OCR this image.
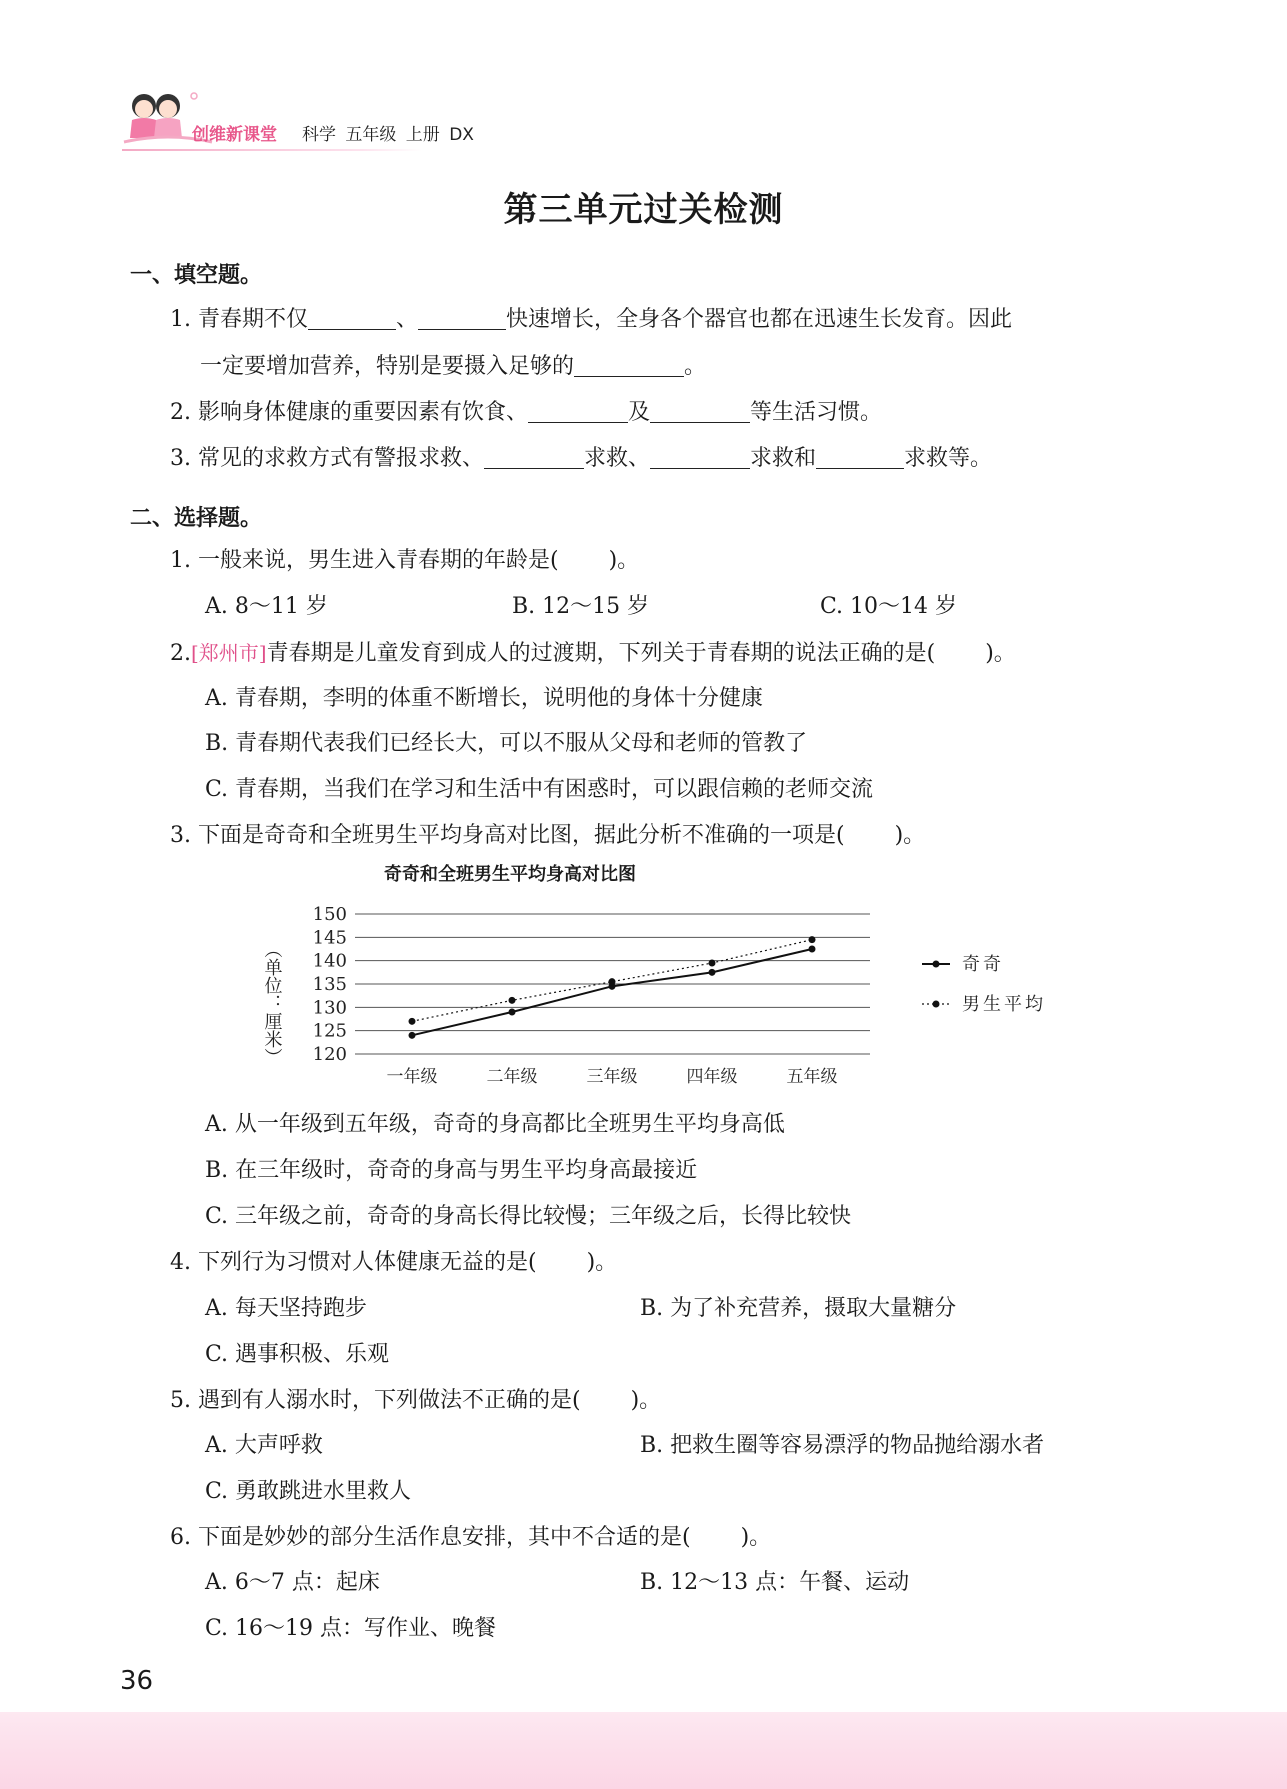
创维新课堂 科学 五年级 上册 DX
第三单元过关检测
一、填空题。
1. 青春期不仅	、	快速增长，全身各个器官也都在迅速生长发育。因此
一定要增加营养，特别是要摄入足够的	。
2. 影响身体健康的重要因素有饮食、	及	等生活习惯。
3. 常见的求救方式有警报求救、	求救、	求救和	求救等。
二、选择题。
1. 一般来说，男生进入青春期的年龄是( )。
A. 8～11 岁	B. 12～15 岁	C. 10～14 岁
2.[郑州市]青春期是儿童发育到成人的过渡期，下列关于青春期的说法正确的是( )。
A. 青春期，李明的体重不断增长，说明他的身体十分健康
B. 青春期代表我们已经长大，可以不服从父母和老师的管教了
C. 青春期，当我们在学习和生活中有困惑时，可以跟信赖的老师交流
3. 下面是奇奇和全班男生平均身高对比图，据此分析不准确的一项是( )。
奇奇和全班男生平均身高对比图
120
125
130
135
140
145
150
一年级	二年级	三年级	四年级	五年级
奇奇
男生平均
（单位：厘米）
A. 从一年级到五年级，奇奇的身高都比全班男生平均身高低
B. 在三年级时，奇奇的身高与男生平均身高最接近
C. 三年级之前，奇奇的身高长得比较慢；三年级之后，长得比较快
4. 下列行为习惯对人体健康无益的是( )。
A. 每天坚持跑步	B. 为了补充营养，摄取大量糖分
C. 遇事积极、乐观
5. 遇到有人溺水时，下列做法不正确的是( )。
A. 大声呼救	B. 把救生圈等容易漂浮的物品抛给溺水者
C. 勇敢跳进水里救人
6. 下面是妙妙的部分生活作息安排，其中不合适的是( )。
A. 6～7 点：起床	B. 12～13 点：午餐、运动
C. 16～19 点：写作业、晚餐
36
